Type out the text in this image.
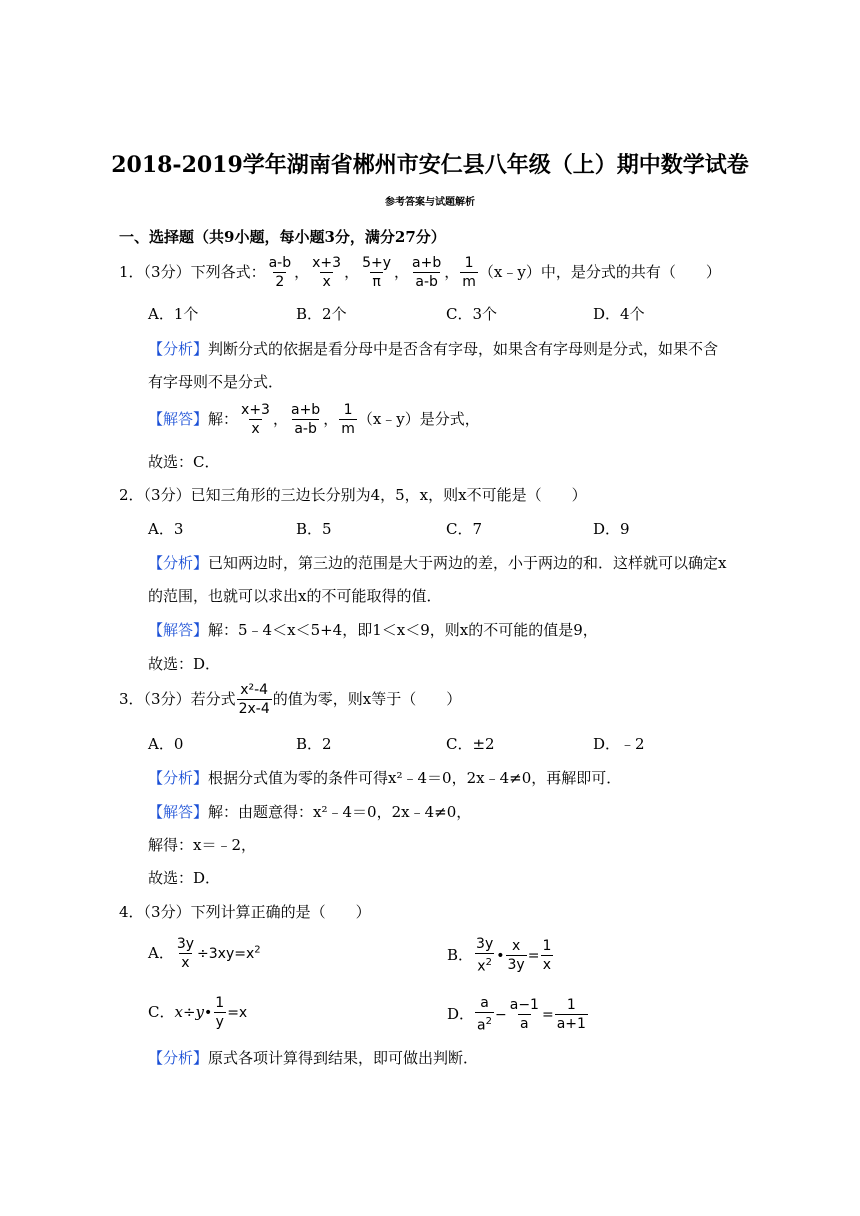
2018-2019学年湖南省郴州市安仁县八年级（上）期中数学试卷
参考答案与试题解析
一、选择题（共9小题，每小题3分，满分27分）
1．（3分）下列各式： $\frac{a-b}{2}$ ， $\frac{x+3}{x}$ ， $\frac{5+y}{\pi}$ ， $\frac{a+b}{a-b}$ ， $\frac{1}{m}$ （x﹣y）中，是分式的共有（　　）
A．1个	B．2个	C．3个	D．4个
【分析】判断分式的依据是看分母中是否含有字母，如果含有字母则是分式，如果不含
有字母则不是分式．
【解答】解： $\frac{x+3}{x}$ ， $\frac{a+b}{a-b}$ ， $\frac{1}{m}$ （x﹣y）是分式，
故选：C．
2．（3分）已知三角形的三边长分别为4，5，x，则x不可能是（　　）
A．3	B．5	C．7	D．9
【分析】已知两边时，第三边的范围是大于两边的差，小于两边的和．这样就可以确定x
的范围，也就可以求出x的不可能取得的值．
【解答】解：5﹣4＜x＜5+4，即1＜x＜9，则x的不可能的值是9，
故选：D．
3．（3分）若分式 $\frac{\text{x²-4}}{2x-4}$ 的值为零，则x等于（　　）
A．0	B．2	C．±2	D．﹣2
【分析】根据分式值为零的条件可得x²﹣4＝0，2x﹣4≠0，再解即可．
【解答】解：由题意得：x²﹣4＝0，2x﹣4≠0，
解得：x＝﹣2，
故选：D．
4．（3分）下列计算正确的是（　　）
A． $\frac{3y}{x} \div 3xy=x^2$	B． $\frac{3y}{x^2}$ • $\frac{x}{3y} = \frac{1}{x}$
C．x÷y• $\frac{1}{y} =x$	D． $\frac{a}{a^2} - \frac{a-1}{a} = \frac{1}{a+1}$
【分析】原式各项计算得到结果，即可做出判断．
